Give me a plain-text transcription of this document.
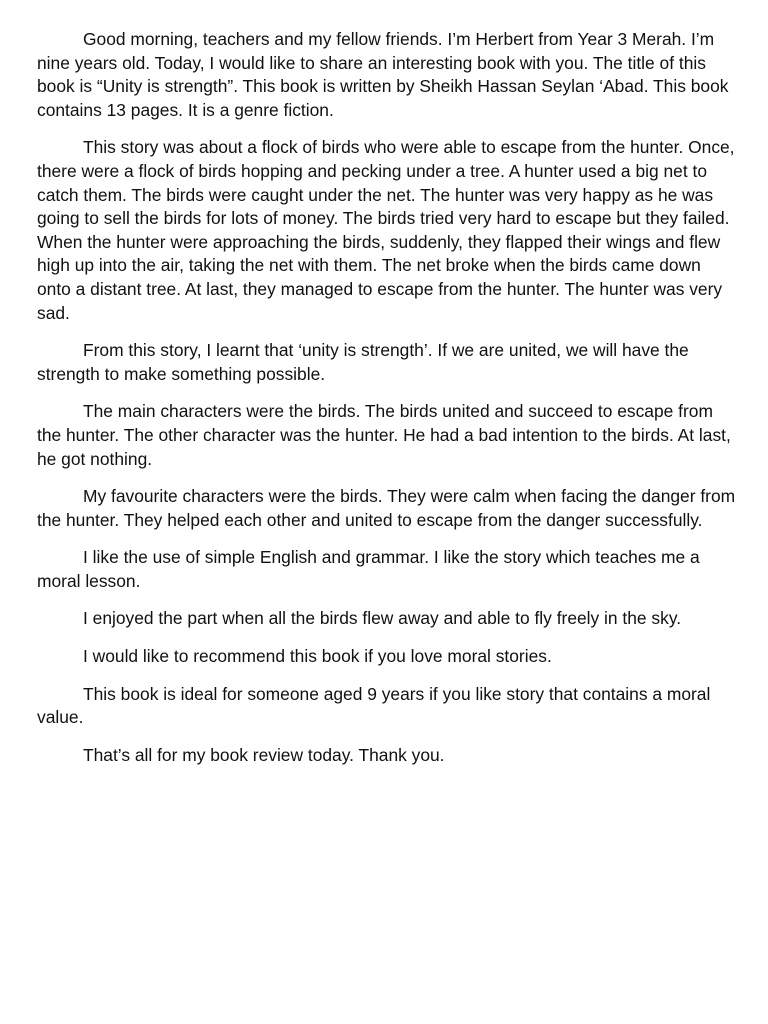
Good morning, teachers and my fellow friends. I’m Herbert from Year 3 Merah. I’m nine years old. Today, I would like to share an interesting book with you. The title of this book is “Unity is strength”. This book is written by Sheikh Hassan Seylan ‘Abad. This book contains 13 pages. It is a genre fiction.

This story was about a flock of birds who were able to escape from the hunter. Once, there were a flock of birds hopping and pecking under a tree. A hunter used a big net to catch them. The birds were caught under the net. The hunter was very happy as he was going to sell the birds for lots of money. The birds tried very hard to escape but they failed. When the hunter were approaching the birds, suddenly, they flapped their wings and flew high up into the air, taking the net with them. The net broke when the birds came down onto a distant tree. At last, they managed to escape from the hunter. The hunter was very sad.

From this story, I learnt that ‘unity is strength’. If we are united, we will have the strength to make something possible.

The main characters were the birds. The birds united and succeed to escape from the hunter. The other character was the hunter. He had a bad intention to the birds. At last, he got nothing.

My favourite characters were the birds. They were calm when facing the danger from the hunter. They helped each other and united to escape from the danger successfully.

I like the use of simple English and grammar. I like the story which teaches me a moral lesson.

I enjoyed the part when all the birds flew away and able to fly freely in the sky.

I would like to recommend this book if you love moral stories.

This book is ideal for someone aged 9 years if you like story that contains a moral value.

That’s all for my book review today. Thank you.
